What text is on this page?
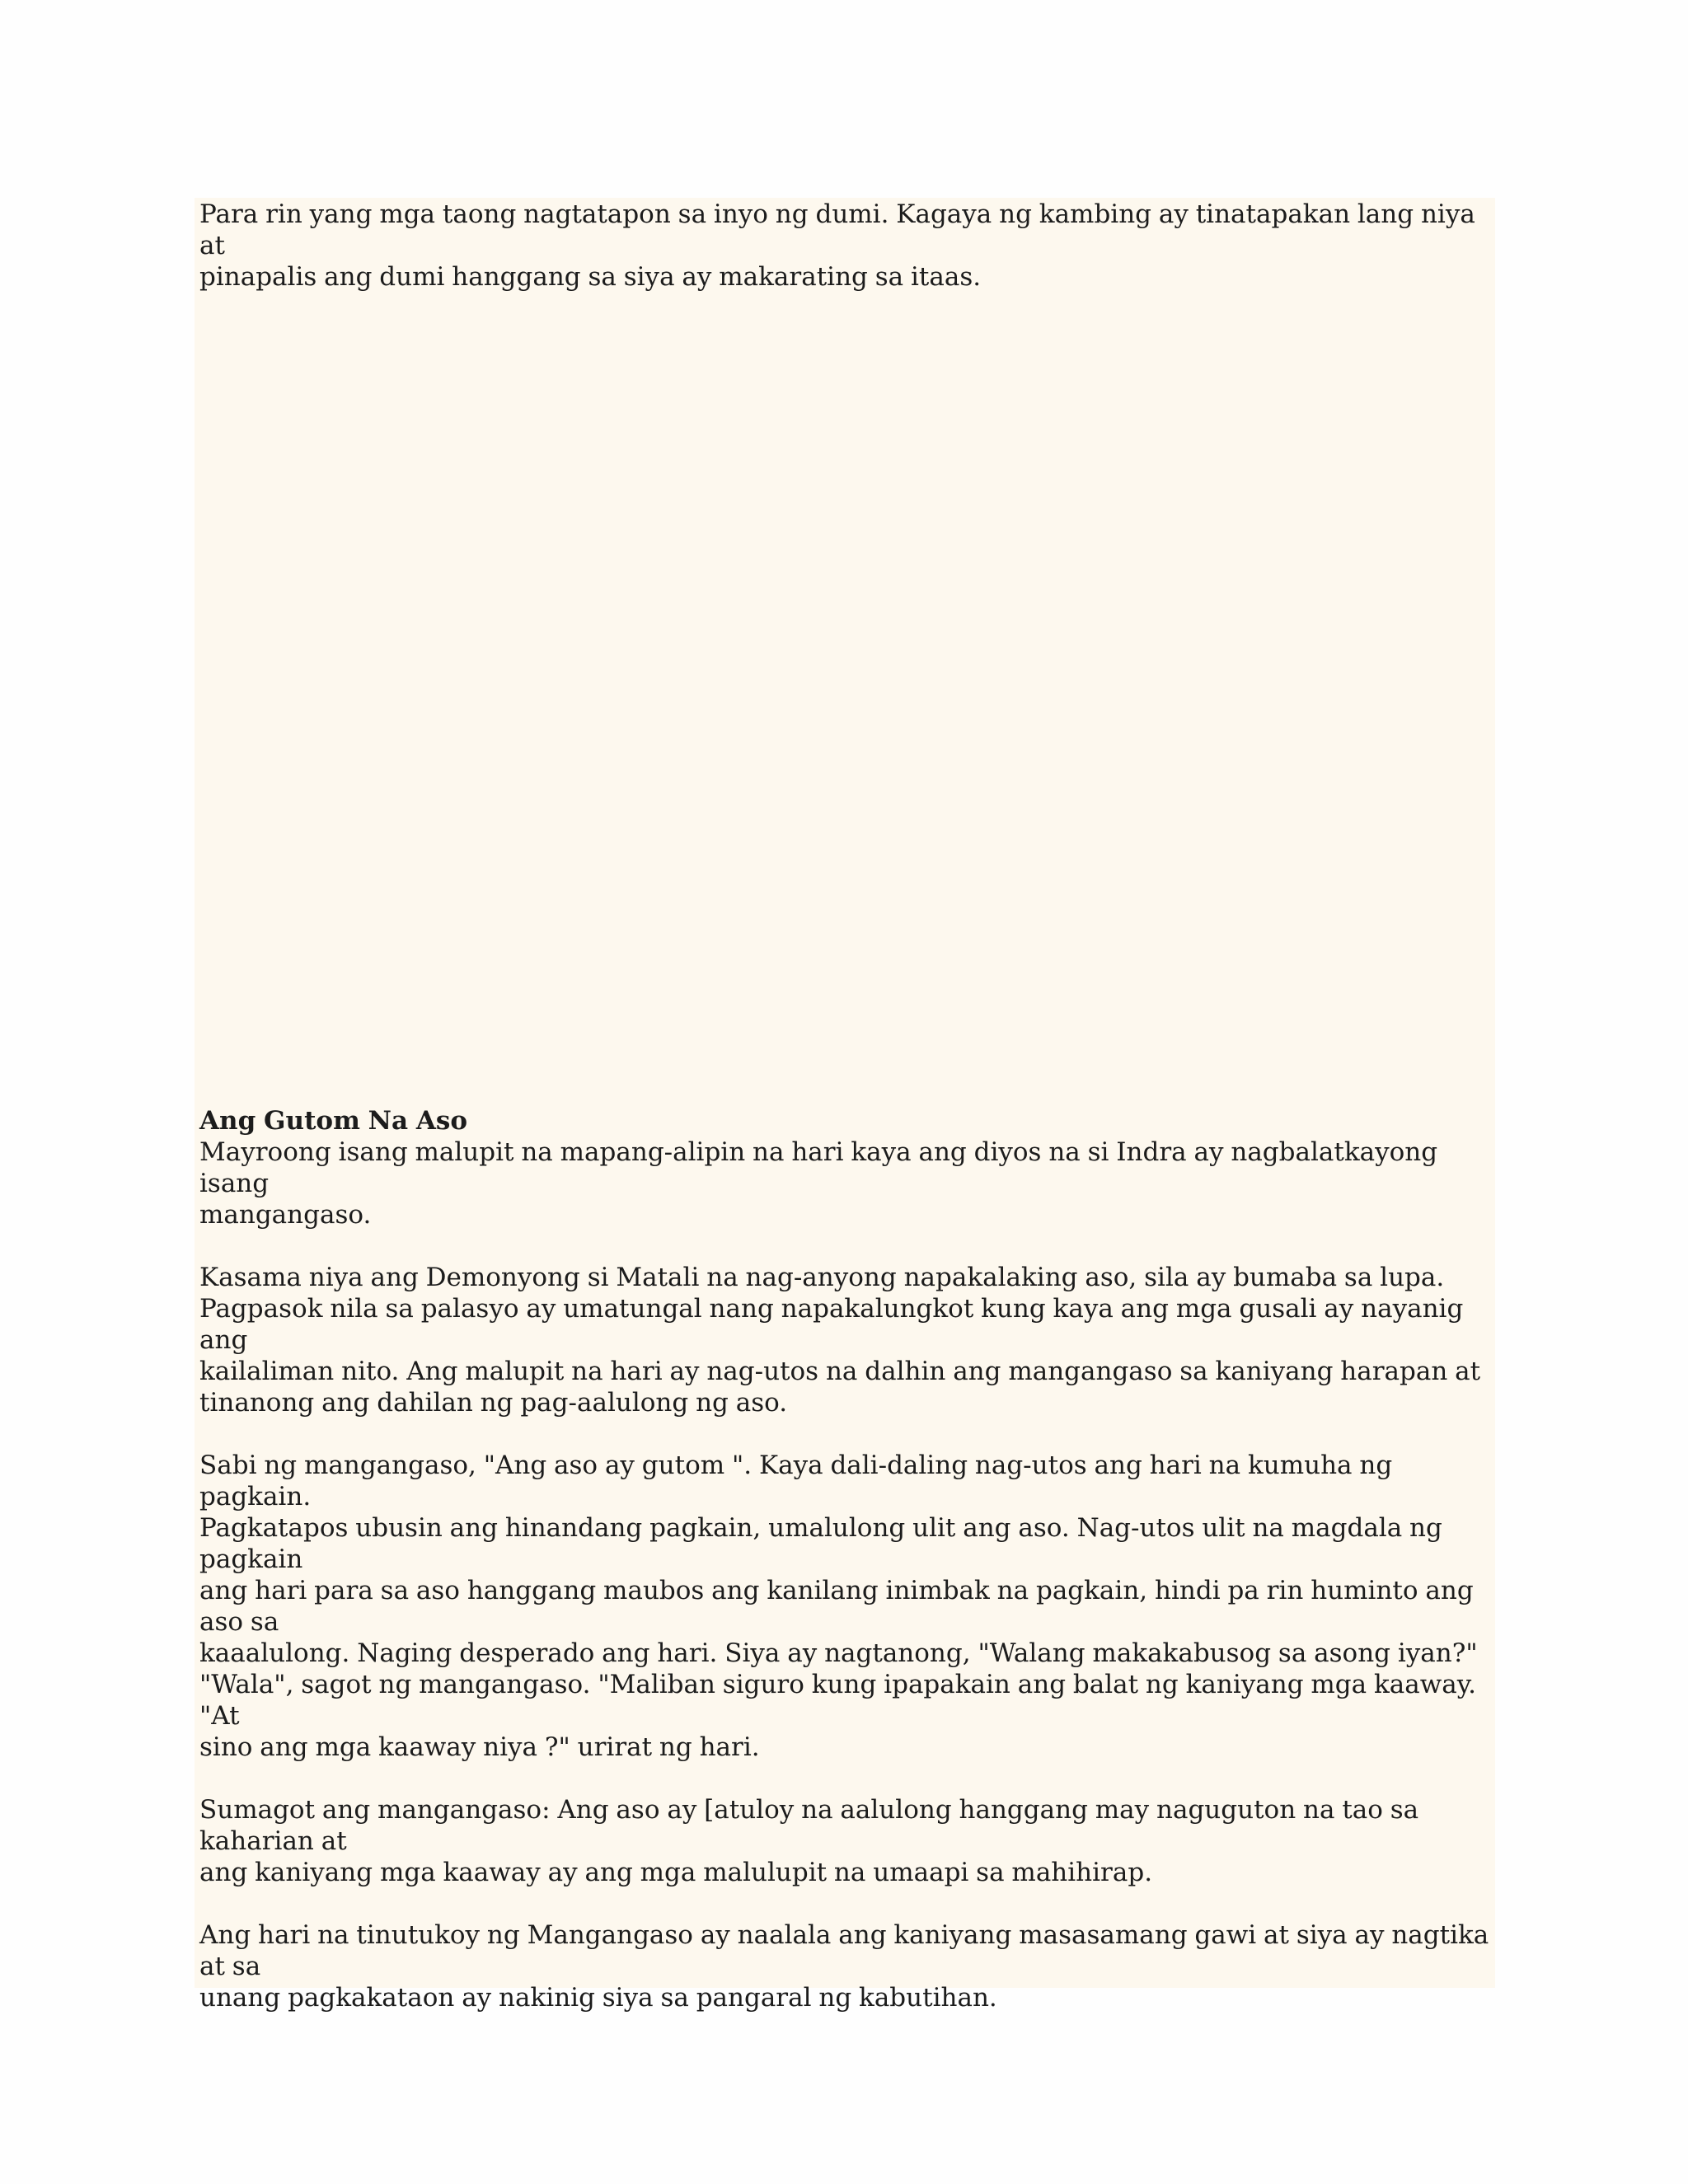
Para rin yang mga taong nagtatapon sa inyo ng dumi. Kagaya ng kambing ay tinatapakan lang niya at
pinapalis ang dumi hanggang sa siya ay makarating sa itaas.

Ang Gutom Na Aso

Mayroong isang malupit na mapang-alipin na hari kaya ang diyos na si Indra ay nagbalatkayong isang
mangangaso.

Kasama niya ang Demonyong si Matali na nag-anyong napakalaking aso, sila ay bumaba sa lupa.
Pagpasok nila sa palasyo ay umatungal nang napakalungkot kung kaya ang mga gusali ay nayanig ang
kailaliman nito. Ang malupit na hari ay nag-utos na dalhin ang mangangaso sa kaniyang harapan at
tinanong ang dahilan ng pag-aalulong ng aso.

Sabi ng mangangaso, "Ang aso ay gutom ". Kaya dali-daling nag-utos ang hari na kumuha ng pagkain.
Pagkatapos ubusin ang hinandang pagkain, umalulong ulit ang aso. Nag-utos ulit na magdala ng pagkain
ang hari para sa aso hanggang maubos ang kanilang inimbak na pagkain, hindi pa rin huminto ang aso sa
kaaalulong. Naging desperado ang hari. Siya ay nagtanong, "Walang makakabusog sa asong iyan?"
"Wala", sagot ng mangangaso. "Maliban siguro kung ipapakain ang balat ng kaniyang mga kaaway. "At
sino ang mga kaaway niya ?" urirat ng hari.

Sumagot ang mangangaso: Ang aso ay [atuloy na aalulong hanggang may naguguton na tao sa kaharian at
ang kaniyang mga kaaway ay ang mga malulupit na umaapi sa mahihirap.

Ang hari na tinutukoy ng Mangangaso ay naalala ang kaniyang masasamang gawi at siya ay nagtika at sa
unang pagkakataon ay nakinig siya sa pangaral ng kabutihan.
